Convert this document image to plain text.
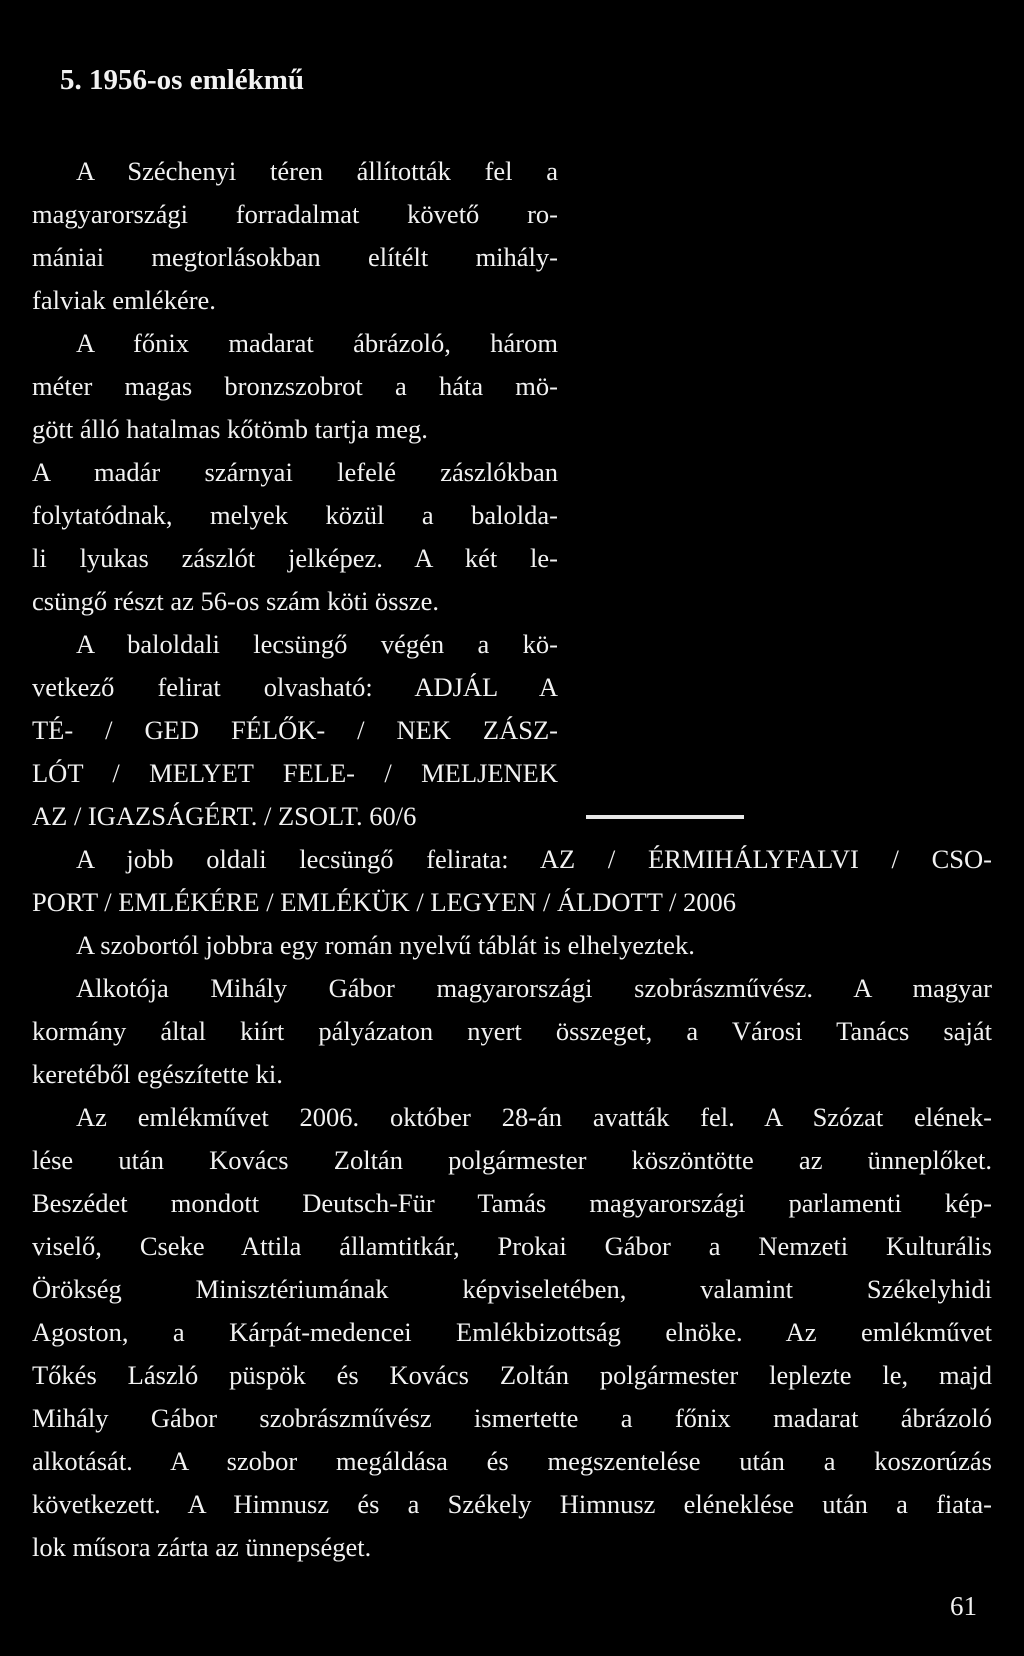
5. 1956-os emlékmű

A Széchenyi téren állították fel a

magyarországi forradalmat követő ro-

mániai megtorlásokban elítélt mihály-

falviak emlékére.

A főnix madarat ábrázoló, három

méter magas bronzszobrot a háta mö-

gött álló hatalmas kőtömb tartja meg.

A madár szárnyai lefelé zászlókban

folytatódnak, melyek közül a balolda-

li lyukas zászlót jelképez. A két le-

csüngő részt az 56-os szám köti össze.

A baloldali lecsüngő végén a kö-

vetkező felirat olvasható: ADJÁL A

TÉ- / GED FÉLŐK- / NEK ZÁSZ-

LÓT / MELYET FELE- / MELJENEK

AZ / IGAZSÁGÉRT. / ZSOLT. 60/6

A jobb oldali lecsüngő felirata: AZ / ÉRMIHÁLYFALVI / CSO-

PORT / EMLÉKÉRE / EMLÉKÜK / LEGYEN / ÁLDOTT / 2006

A szobortól jobbra egy román nyelvű táblát is elhelyeztek.

Alkotója Mihály Gábor magyarországi szobrászművész. A magyar

kormány által kiírt pályázaton nyert összeget, a Városi Tanács saját

keretéből egészítette ki.

Az emlékművet 2006. október 28-án avatták fel. A Szózat elének-

lése után Kovács Zoltán polgármester köszöntötte az ünneplőket.

Beszédet mondott Deutsch-Für Tamás magyarországi parlamenti kép-

viselő, Cseke Attila államtitkár, Prokai Gábor a Nemzeti Kulturális

Örökség Minisztériumának képviseletében, valamint Székelyhidi

Agoston, a Kárpát-medencei Emlékbizottság elnöke. Az emlékművet

Tőkés László püspök és Kovács Zoltán polgármester leplezte le, majd

Mihály Gábor szobrászművész ismertette a főnix madarat ábrázoló

alkotását. A szobor megáldása és megszentelése után a koszorúzás

következett. A Himnusz és a Székely Himnusz eléneklése után a fiata-

lok műsora zárta az ünnepséget.

61
